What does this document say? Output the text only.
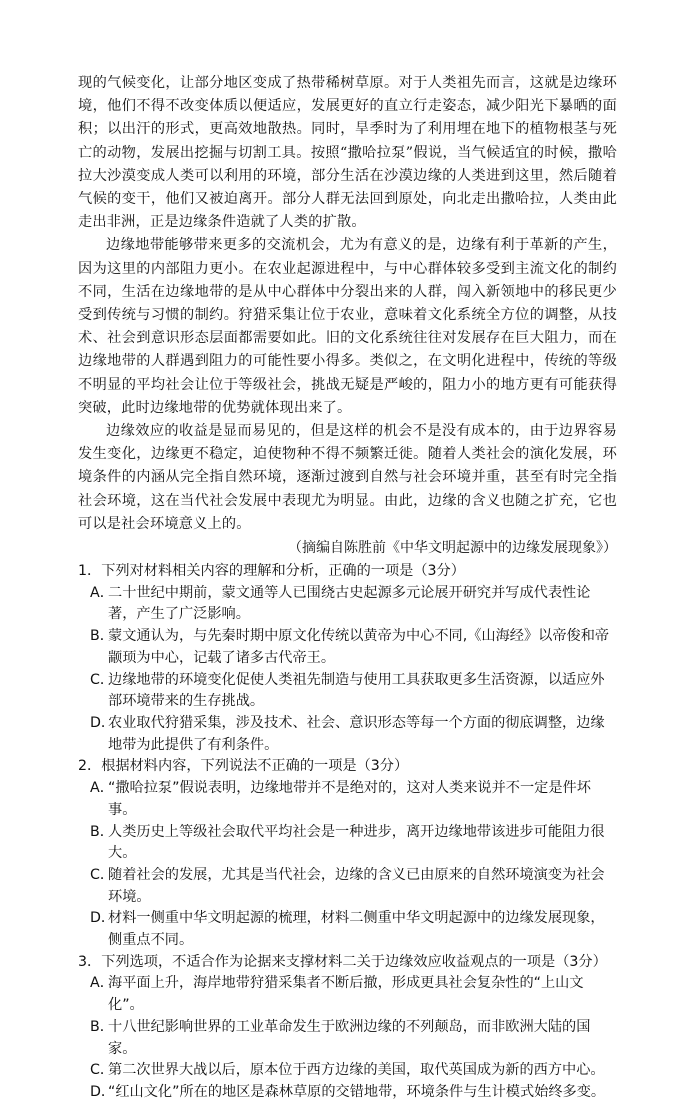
现的气候变化，让部分地区变成了热带稀树草原。对于人类祖先而言，这就是边缘环境，他们不得不改变体质以便适应，发展更好的直立行走姿态，减少阳光下暴晒的面积；以出汗的形式，更高效地散热。同时，旱季时为了利用埋在地下的植物根茎与死亡的动物，发展出挖掘与切割工具。按照“撒哈拉泵”假说，当气候适宜的时候，撒哈拉大沙漠变成人类可以利用的环境，部分生活在沙漠边缘的人类进到这里，然后随着气候的变干，他们又被迫离开。部分人群无法回到原处，向北走出撒哈拉，人类由此走出非洲，正是边缘条件造就了人类的扩散。

边缘地带能够带来更多的交流机会，尤为有意义的是，边缘有利于革新的产生，因为这里的内部阻力更小。在农业起源进程中，与中心群体较多受到主流文化的制约不同，生活在边缘地带的是从中心群体中分裂出来的人群，闯入新领地中的移民更少受到传统与习惯的制约。狩猎采集让位于农业，意味着文化系统全方位的调整，从技术、社会到意识形态层面都需要如此。旧的文化系统往往对发展存在巨大阻力，而在边缘地带的人群遇到阻力的可能性要小得多。类似之，在文明化进程中，传统的等级不明显的平均社会让位于等级社会，挑战无疑是严峻的，阻力小的地方更有可能获得突破，此时边缘地带的优势就体现出来了。

边缘效应的收益是显而易见的，但是这样的机会不是没有成本的，由于边界容易发生变化，边缘更不稳定，迫使物种不得不频繁迁徙。随着人类社会的演化发展，环境条件的内涵从完全指自然环境，逐渐过渡到自然与社会环境并重，甚至有时完全指社会环境，这在当代社会发展中表现尤为明显。由此，边缘的含义也随之扩充，它也可以是社会环境意义上的。

（摘编自陈胜前《中华文明起源中的边缘发展现象》）
1．下列对材料相关内容的理解和分析，正确的一项是（3分）
A．二十世纪中期前，蒙文通等人已围绕古史起源多元论展开研究并写成代表性论著，产生了广泛影响。
B．蒙文通认为，与先秦时期中原文化传统以黄帝为中心不同,《山海经》以帝俊和帝颛顼为中心，记载了诸多古代帝王。
C．边缘地带的环境变化促使人类祖先制造与使用工具获取更多生活资源，以适应外部环境带来的生存挑战。
D．农业取代狩猎采集，涉及技术、社会、意识形态等每一个方面的彻底调整，边缘地带为此提供了有利条件。
2．根据材料内容，下列说法不正确的一项是（3分）
A．“撒哈拉泵”假说表明，边缘地带并不是绝对的，这对人类来说并不一定是件坏事。
B．人类历史上等级社会取代平均社会是一种进步，离开边缘地带该进步可能阻力很大。
C．随着社会的发展，尤其是当代社会，边缘的含义已由原来的自然环境演变为社会环境。
D．材料一侧重中华文明起源的梳理，材料二侧重中华文明起源中的边缘发展现象，侧重点不同。
3．下列选项，不适合作为论据来支撑材料二关于边缘效应收益观点的一项是（3分）
A．海平面上升，海岸地带狩猎采集者不断后撤，形成更具社会复杂性的“上山文化”。
B．十八世纪影响世界的工业革命发生于欧洲边缘的不列颠岛，而非欧洲大陆的国家。
C．第二次世界大战以后，原本位于西方边缘的美国，取代英国成为新的西方中心。
D．“红山文化”所在的地区是森林草原的交错地带，环境条件与生计模式始终多变。
